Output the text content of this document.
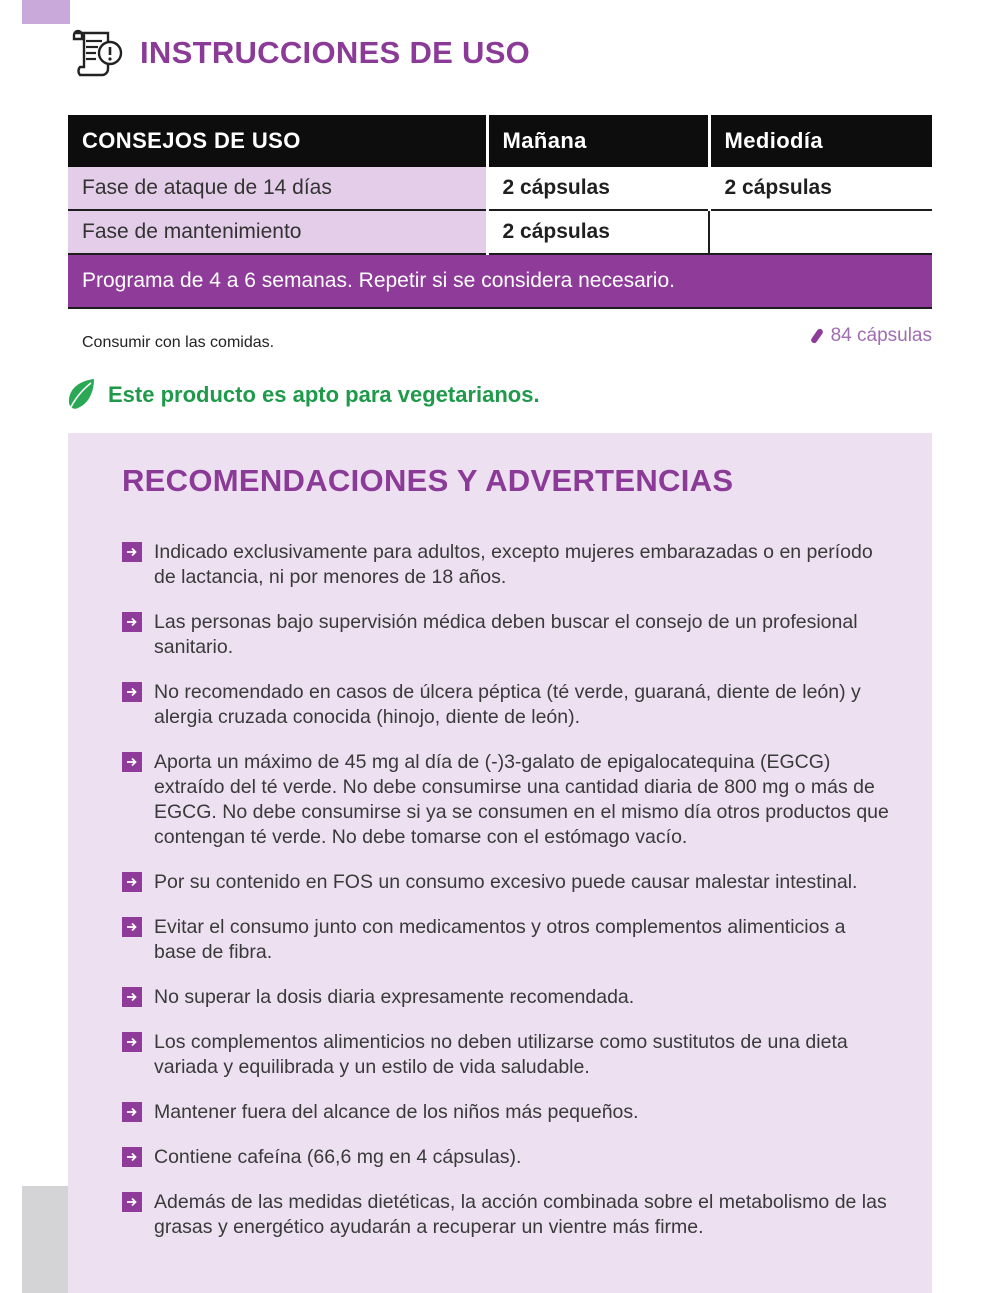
INSTRUCCIONES DE USO
CONSEJOS DE USO	Mañana	Mediodía
Fase de ataque de 14 días	2 cápsulas	2 cápsulas
Fase de mantenimiento	2 cápsulas	
Programa de 4 a 6 semanas. Repetir si se considera necesario.		
Consumir con las comidas.	84 cápsulas
Este producto es apto para vegetarianos.
RECOMENDACIONES Y ADVERTENCIAS
Indicado exclusivamente para adultos, excepto mujeres embarazadas o en período de lactancia, ni por menores de 18 años.
Las personas bajo supervisión médica deben buscar el consejo de un profesional sanitario.
No recomendado en casos de úlcera péptica (té verde, guaraná, diente de león) y alergia cruzada conocida (hinojo, diente de león).
Aporta un máximo de 45 mg al día de (-)3-galato de epigalocatequina (EGCG) extraído del té verde. No debe consumirse una cantidad diaria de 800 mg o más de EGCG. No debe consumirse si ya se consumen en el mismo día otros productos que contengan té verde. No debe tomarse con el estómago vacío.
Por su contenido en FOS un consumo excesivo puede causar malestar intestinal.
Evitar el consumo junto con medicamentos y otros complementos alimenticios a base de fibra.
No superar la dosis diaria expresamente recomendada.
Los complementos alimenticios no deben utilizarse como sustitutos de una dieta variada y equilibrada y un estilo de vida saludable.
Mantener fuera del alcance de los niños más pequeños.
Contiene cafeína (66,6 mg en 4 cápsulas).
Además de las medidas dietéticas, la acción combinada sobre el metabolismo de las grasas y energético ayudarán a recuperar un vientre más firme.
